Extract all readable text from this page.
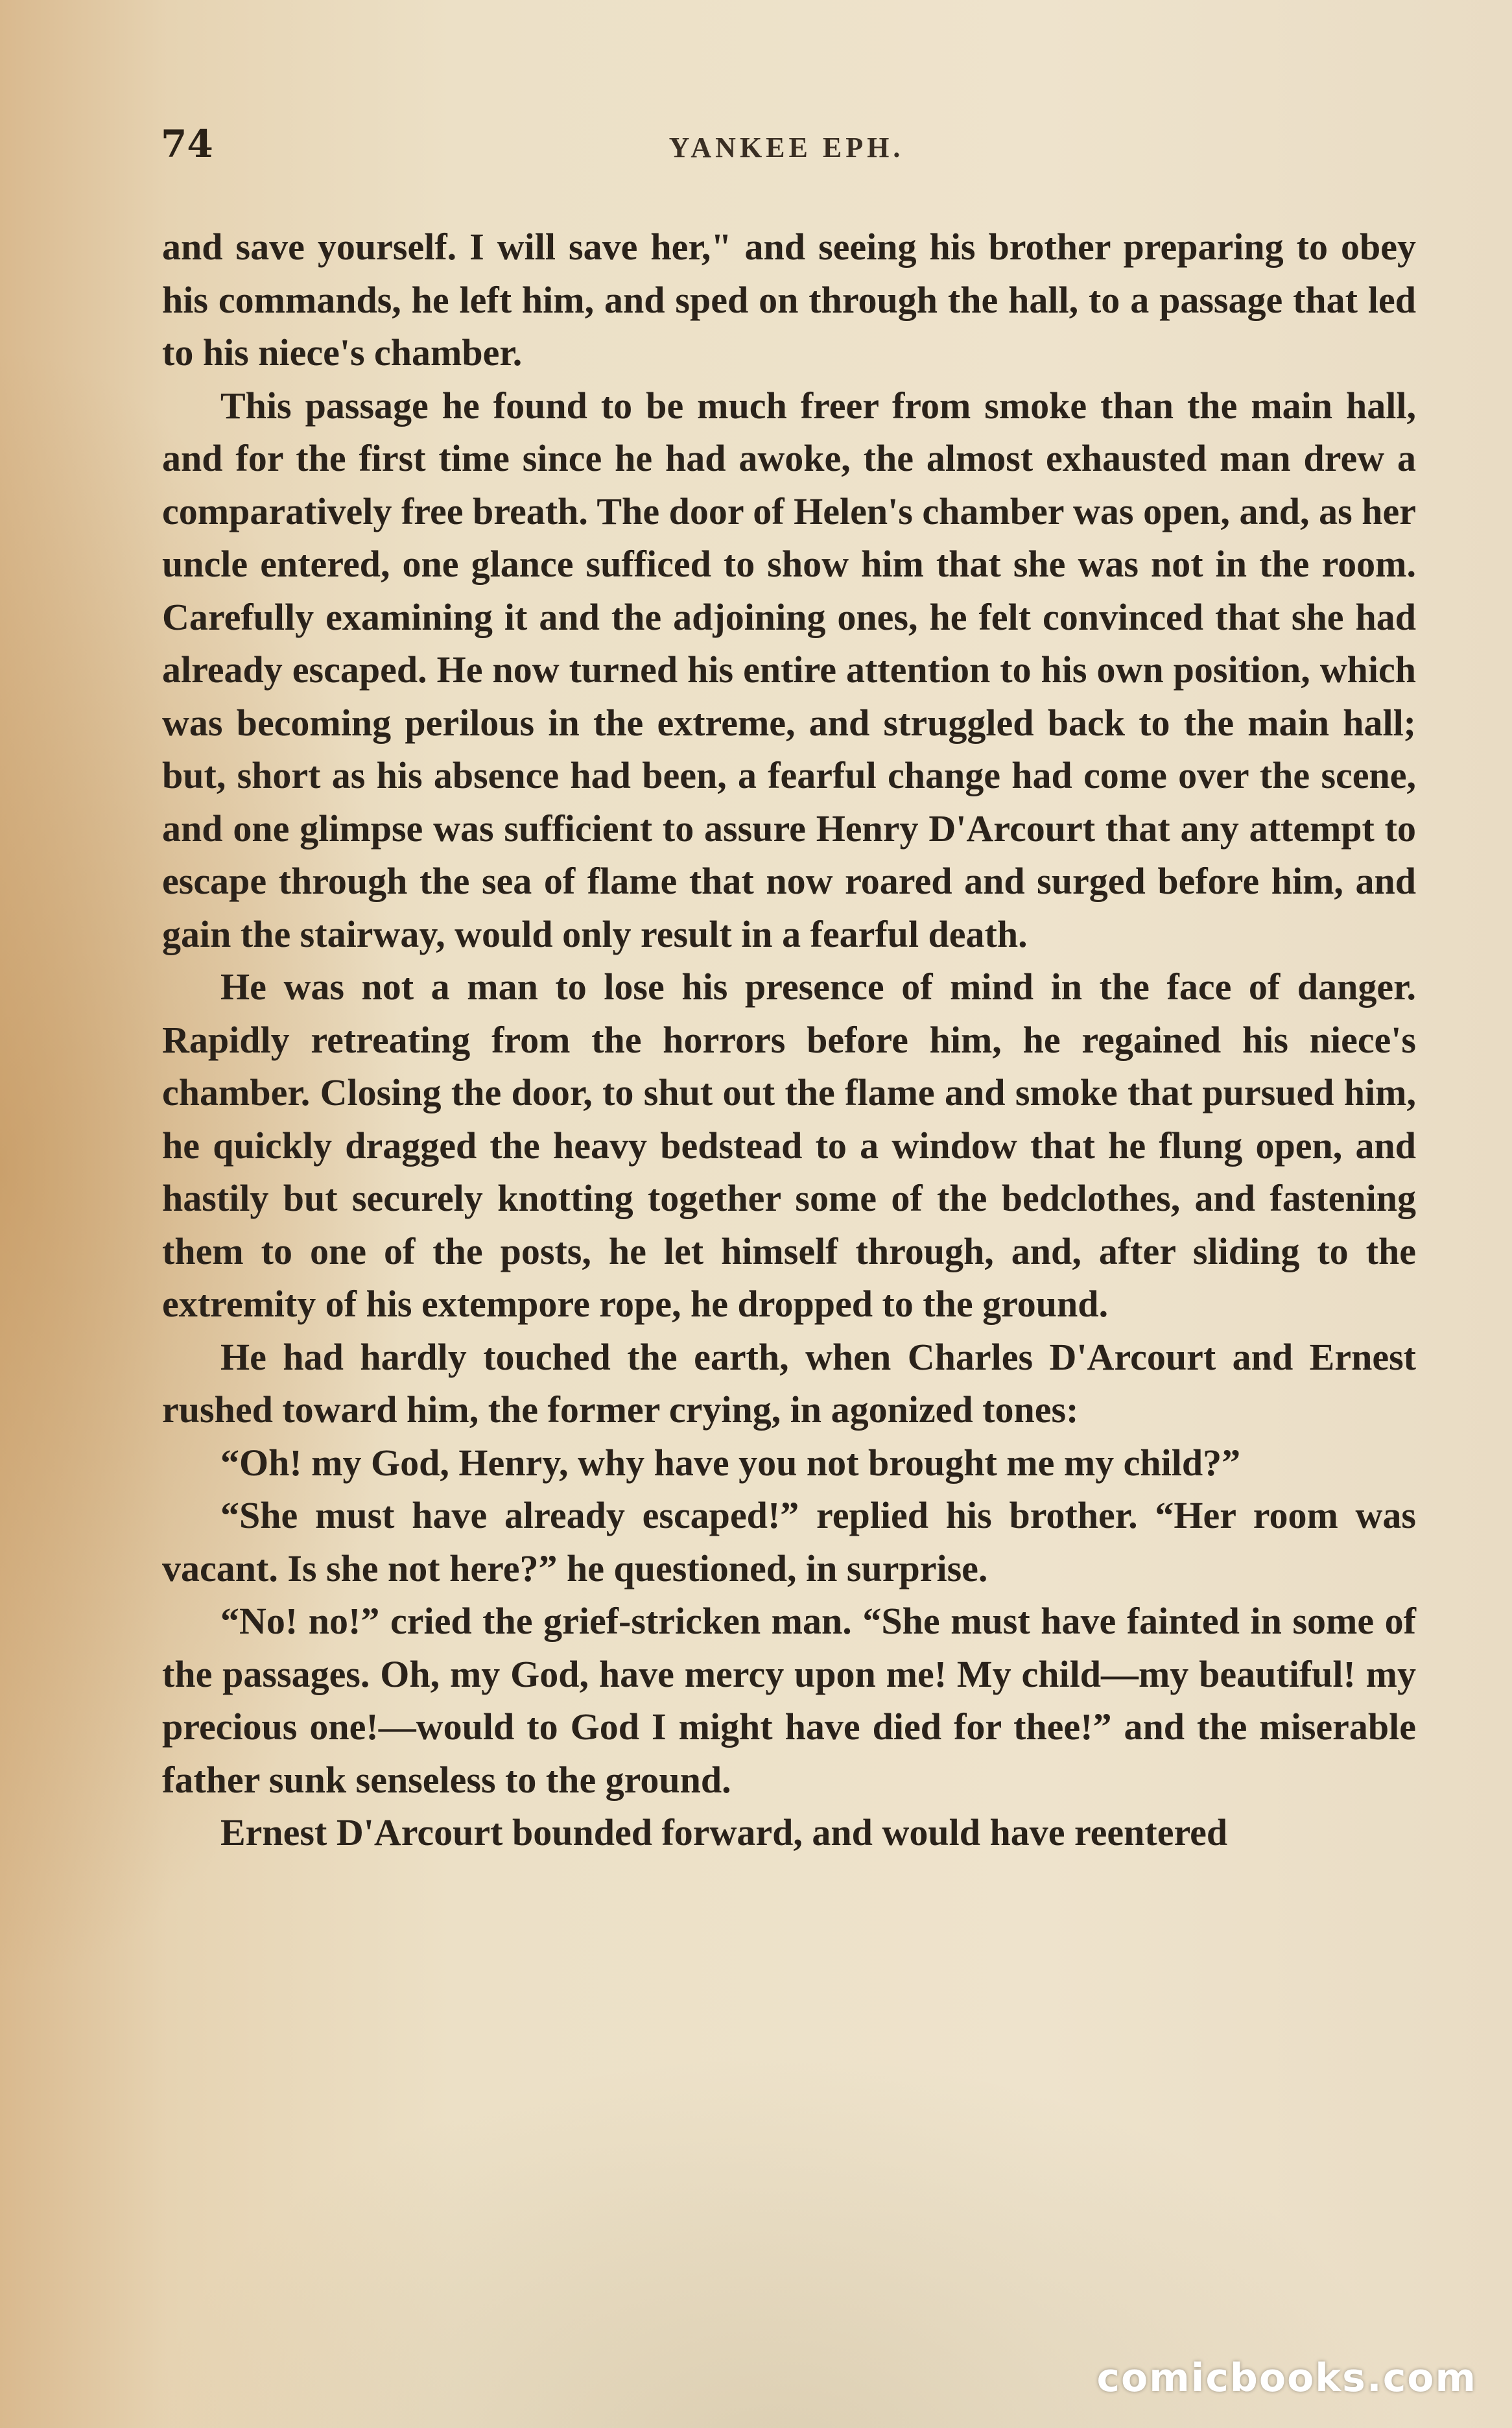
74	YANKEE EPH.

and save yourself. I will save her," and seeing his brother preparing to obey his commands, he left him, and sped on through the hall, to a passage that led to his niece's chamber.

This passage he found to be much freer from smoke than the main hall, and for the first time since he had awoke, the almost exhausted man drew a comparatively free breath. The door of Helen's chamber was open, and, as her uncle entered, one glance sufficed to show him that she was not in the room. Carefully examining it and the adjoining ones, he felt convinced that she had already escaped. He now turned his entire attention to his own position, which was becoming perilous in the extreme, and struggled back to the main hall; but, short as his absence had been, a fearful change had come over the scene, and one glimpse was sufficient to assure Henry D'Arcourt that any attempt to escape through the sea of flame that now roared and surged before him, and gain the stairway, would only result in a fearful death.

He was not a man to lose his presence of mind in the face of danger. Rapidly retreating from the horrors before him, he regained his niece's chamber. Closing the door, to shut out the flame and smoke that pursued him, he quickly dragged the heavy bedstead to a window that he flung open, and hastily but securely knotting together some of the bedclothes, and fastening them to one of the posts, he let himself through, and, after sliding to the extremity of his extempore rope, he dropped to the ground.

He had hardly touched the earth, when Charles D'Arcourt and Ernest rushed toward him, the former crying, in agonized tones:

“Oh! my God, Henry, why have you not brought me my child?”

“She must have already escaped!” replied his brother. “Her room was vacant. Is she not here?” he questioned, in surprise.

“No! no!” cried the grief-stricken man. “She must have fainted in some of the passages. Oh, my God, have mercy upon me! My child—my beautiful! my precious one!—would to God I might have died for thee!” and the miserable father sunk senseless to the ground.

Ernest D'Arcourt bounded forward, and would have reentered

comicbooks.com
